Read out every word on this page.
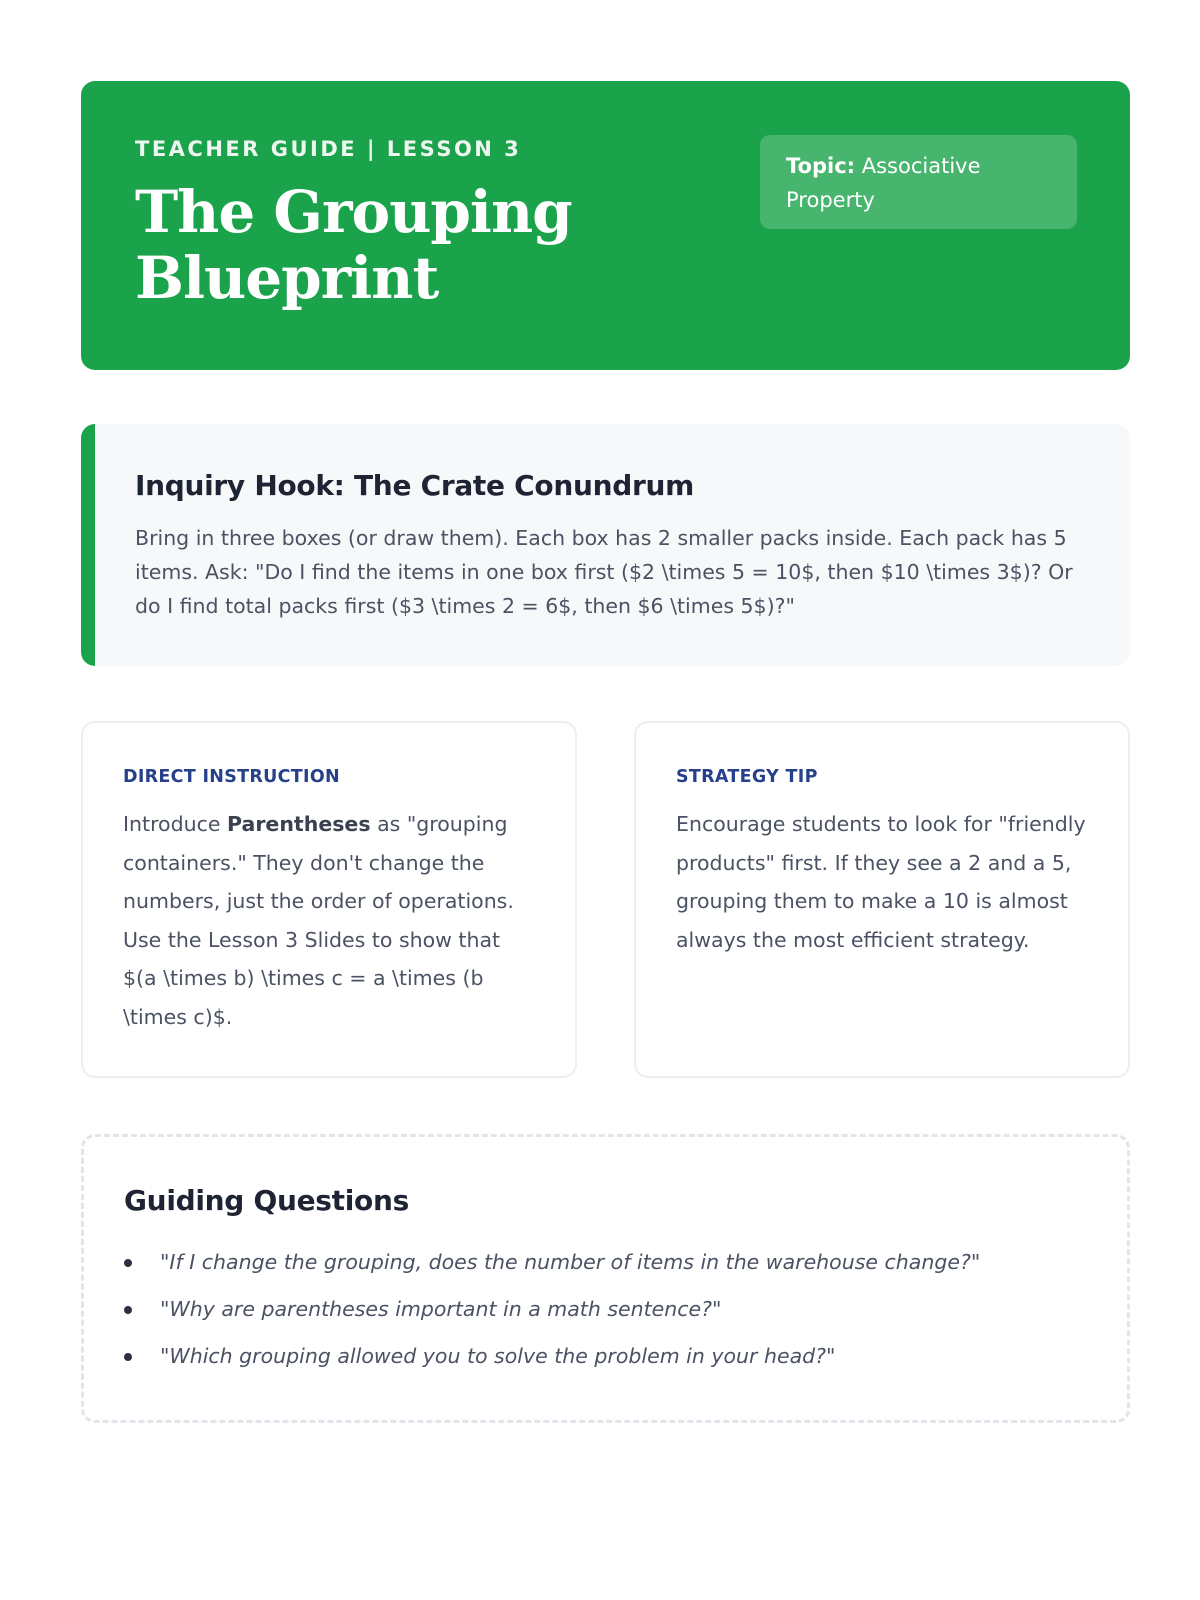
TEACHER GUIDE | LESSON 3
The Grouping Blueprint
Topic: Associative Property
Inquiry Hook: The Crate Conundrum
Bring in three boxes (or draw them). Each box has 2 smaller packs inside. Each pack has 5 items. Ask: "Do I find the items in one box first ($2 \times 5 = 10$, then $10 \times 3$)? Or do I find total packs first ($3 \times 2 = 6$, then $6 \times 5$)?"
DIRECT INSTRUCTION
Introduce Parentheses as "grouping containers." They don't change the numbers, just the order of operations. Use the Lesson 3 Slides to show that $(a \times b) \times c = a \times (b \times c)$.
STRATEGY TIP
Encourage students to look for "friendly products" first. If they see a 2 and a 5, grouping them to make a 10 is almost always the most efficient strategy.
Guiding Questions
"If I change the grouping, does the number of items in the warehouse change?"
"Why are parentheses important in a math sentence?"
"Which grouping allowed you to solve the problem in your head?"
